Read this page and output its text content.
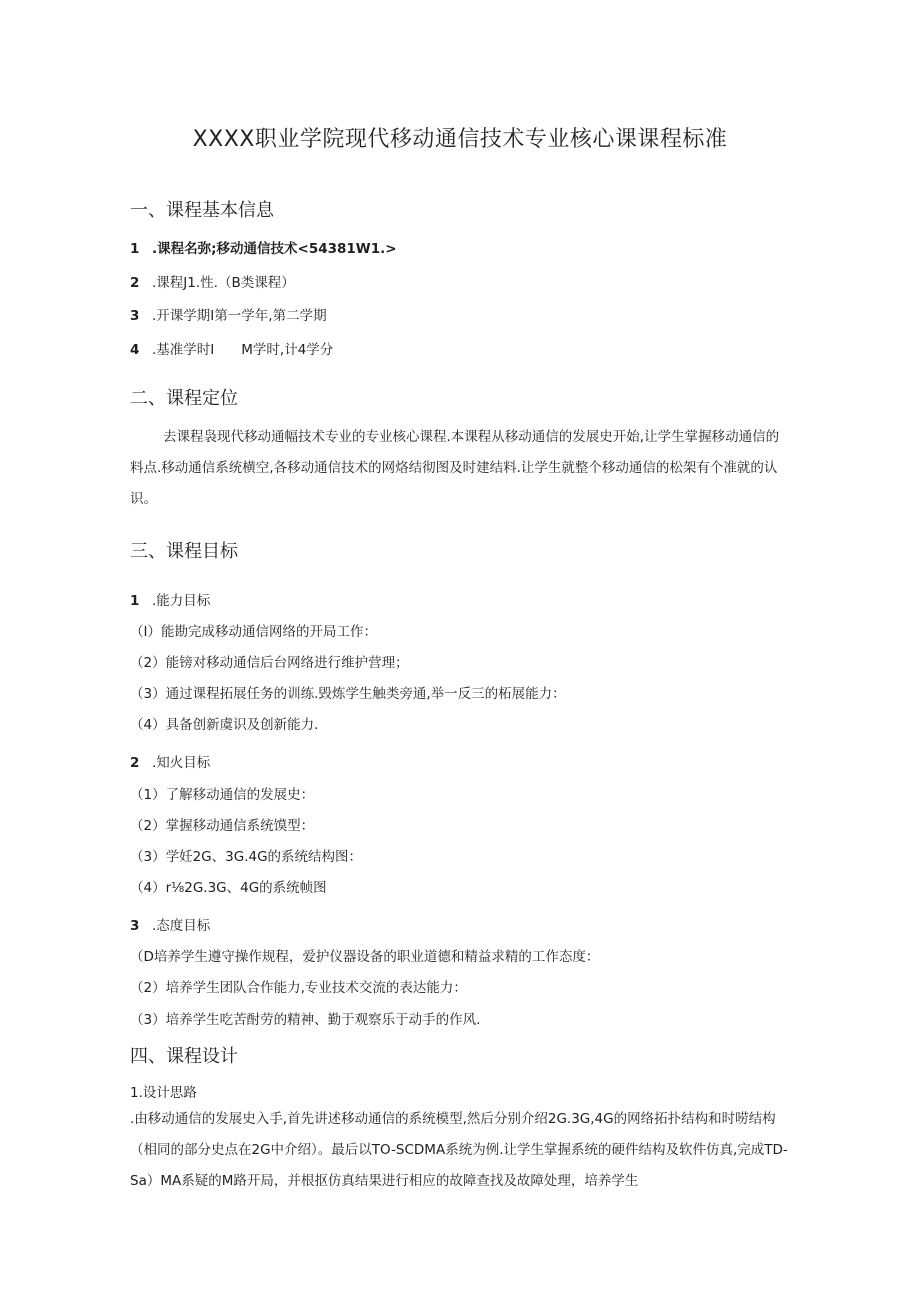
XXXX职业学院现代移动通信技术专业核心课课程标准
一、课程基本信息
1 .课程名弥;移动通信技术<54381W1.>
2 .课程J1.性.（B类课程）
3 .开课学期I第一学年,第二学期
4 .基准学时I　　M学时,计4学分
二、课程定位
去课程袅现代移动通幅技术专业的专业核心课程.本课程从移动通信的发展史开始,让学生掌握移动通信的料点.移动通信系统横空,各移动通信技术的网烙结彻图及时建结料.让学生就整个移动通信的松架有个准就的认识。
三、课程目标
1 .能力目标
（I）能勘完成移动通信网络的开局工作：
（2）能镑对移动通信后台网络进行维护营理；
（3）通过课程拓展任务的训练.毁炼学生触类旁通,举一反三的柘展能力：
（4）具备创新虞识及创新能力.
2 .知火目标
（1）了解移动通信的发展史：
（2）掌握移动通信系统馍型：
（3）学妊2G、3G.4G的系统结构图：
（4）r⅛2G.3G、4G的系统帧图
3 .态度目标
（D培养学生遵守操作规程，爱护仪器设备的职业道德和精益求精的工作态度：
（2）培养学生团队合作能力,专业技术交流的表达能力：
（3）培养学生吃苦酎劳的精神、勤于观察乐于动手的作风.
四、课程设计
1.设计思路
.由移动通信的发展史入手,首先讲述移动通信的系统模型,然后分别介绍2G.3G,4G的网络拓扑结构和时唠结构（相同的部分史点在2G中介绍）。最后以TO-SCDMA系统为例.让学生掌握系统的硬件结构及软件仿真,完成TD-Sa）MA系疑的M路开局，并根抠仿真结果进行相应的故障查找及故障处理，培养学生
